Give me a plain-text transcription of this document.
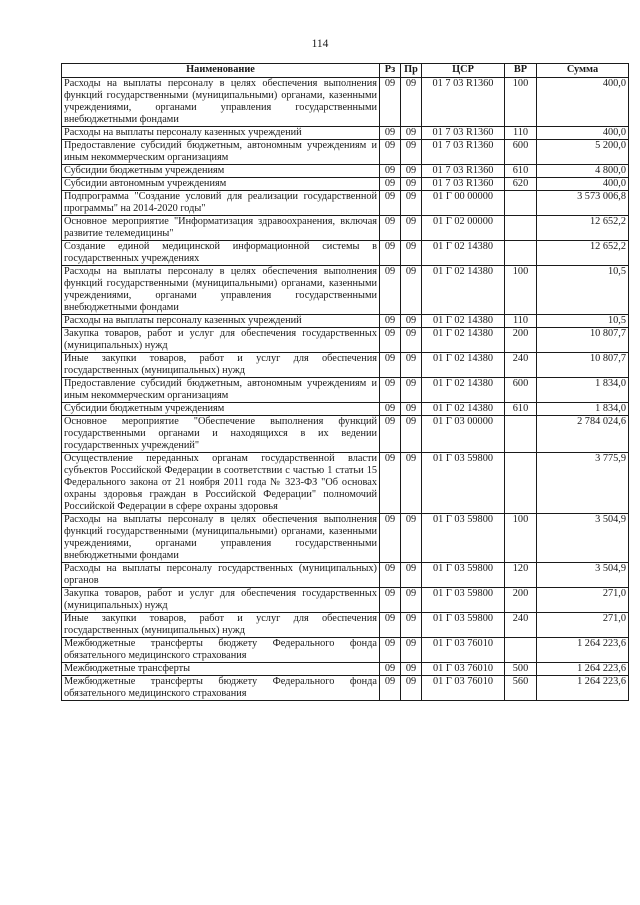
114
Наименование	Рз	Пр	ЦСР	ВР	Сумма
Расходы на выплаты персоналу в целях обеспечения выполнения функций государственными (муниципальными) органами, казенными учреждениями, органами управления государственными внебюджетными фондами	09	09	01 7 03 R1360	100	400,0
Расходы на выплаты персоналу казенных учреждений	09	09	01 7 03 R1360	110	400,0
Предоставление субсидий бюджетным, автономным учреждениям и иным некоммерческим организациям	09	09	01 7 03 R1360	600	5 200,0
Субсидии бюджетным учреждениям	09	09	01 7 03 R1360	610	4 800,0
Субсидии автономным учреждениям	09	09	01 7 03 R1360	620	400,0
Подпрограмма "Создание условий для реализации государственной программы" на 2014-2020 годы"	09	09	01 Г 00 00000		3 573 006,8
Основное мероприятие "Информатизация здравоохранения, включая развитие телемедицины"	09	09	01 Г 02 00000		12 652,2
Создание единой медицинской информационной системы в государственных учреждениях	09	09	01 Г 02 14380		12 652,2
Расходы на выплаты персоналу в целях обеспечения выполнения функций государственными (муниципальными) органами, казенными учреждениями, органами управления государственными внебюджетными фондами	09	09	01 Г 02 14380	100	10,5
Расходы на выплаты персоналу казенных учреждений	09	09	01 Г 02 14380	110	10,5
Закупка товаров, работ и услуг для обеспечения государственных (муниципальных) нужд	09	09	01 Г 02 14380	200	10 807,7
Иные закупки товаров, работ и услуг для обеспечения государственных (муниципальных) нужд	09	09	01 Г 02 14380	240	10 807,7
Предоставление субсидий бюджетным, автономным учреждениям и иным некоммерческим организациям	09	09	01 Г 02 14380	600	1 834,0
Субсидии бюджетным учреждениям	09	09	01 Г 02 14380	610	1 834,0
Основное мероприятие "Обеспечение выполнения функций государственными органами и находящихся в их ведении государственных учреждений"	09	09	01 Г 03 00000		2 784 024,6
Осуществление переданных органам государственной власти субъектов Российской Федерации в соответствии с частью 1 статьи 15 Федерального закона от 21 ноября 2011 года № 323-ФЗ "Об основах охраны здоровья граждан в Российской Федерации" полномочий Российской Федерации в сфере охраны здоровья	09	09	01 Г 03 59800		3 775,9
Расходы на выплаты персоналу в целях обеспечения выполнения функций государственными (муниципальными) органами, казенными учреждениями, органами управления государственными внебюджетными фондами	09	09	01 Г 03 59800	100	3 504,9
Расходы на выплаты персоналу государственных (муниципальных) органов	09	09	01 Г 03 59800	120	3 504,9
Закупка товаров, работ и услуг для обеспечения государственных (муниципальных) нужд	09	09	01 Г 03 59800	200	271,0
Иные закупки товаров, работ и услуг для обеспечения государственных (муниципальных) нужд	09	09	01 Г 03 59800	240	271,0
Межбюджетные трансферты бюджету Федерального фонда обязательного медицинского страхования	09	09	01 Г 03 76010		1 264 223,6
Межбюджетные трансферты	09	09	01 Г 03 76010	500	1 264 223,6
Межбюджетные трансферты бюджету Федерального фонда обязательного медицинского страхования	09	09	01 Г 03 76010	560	1 264 223,6
